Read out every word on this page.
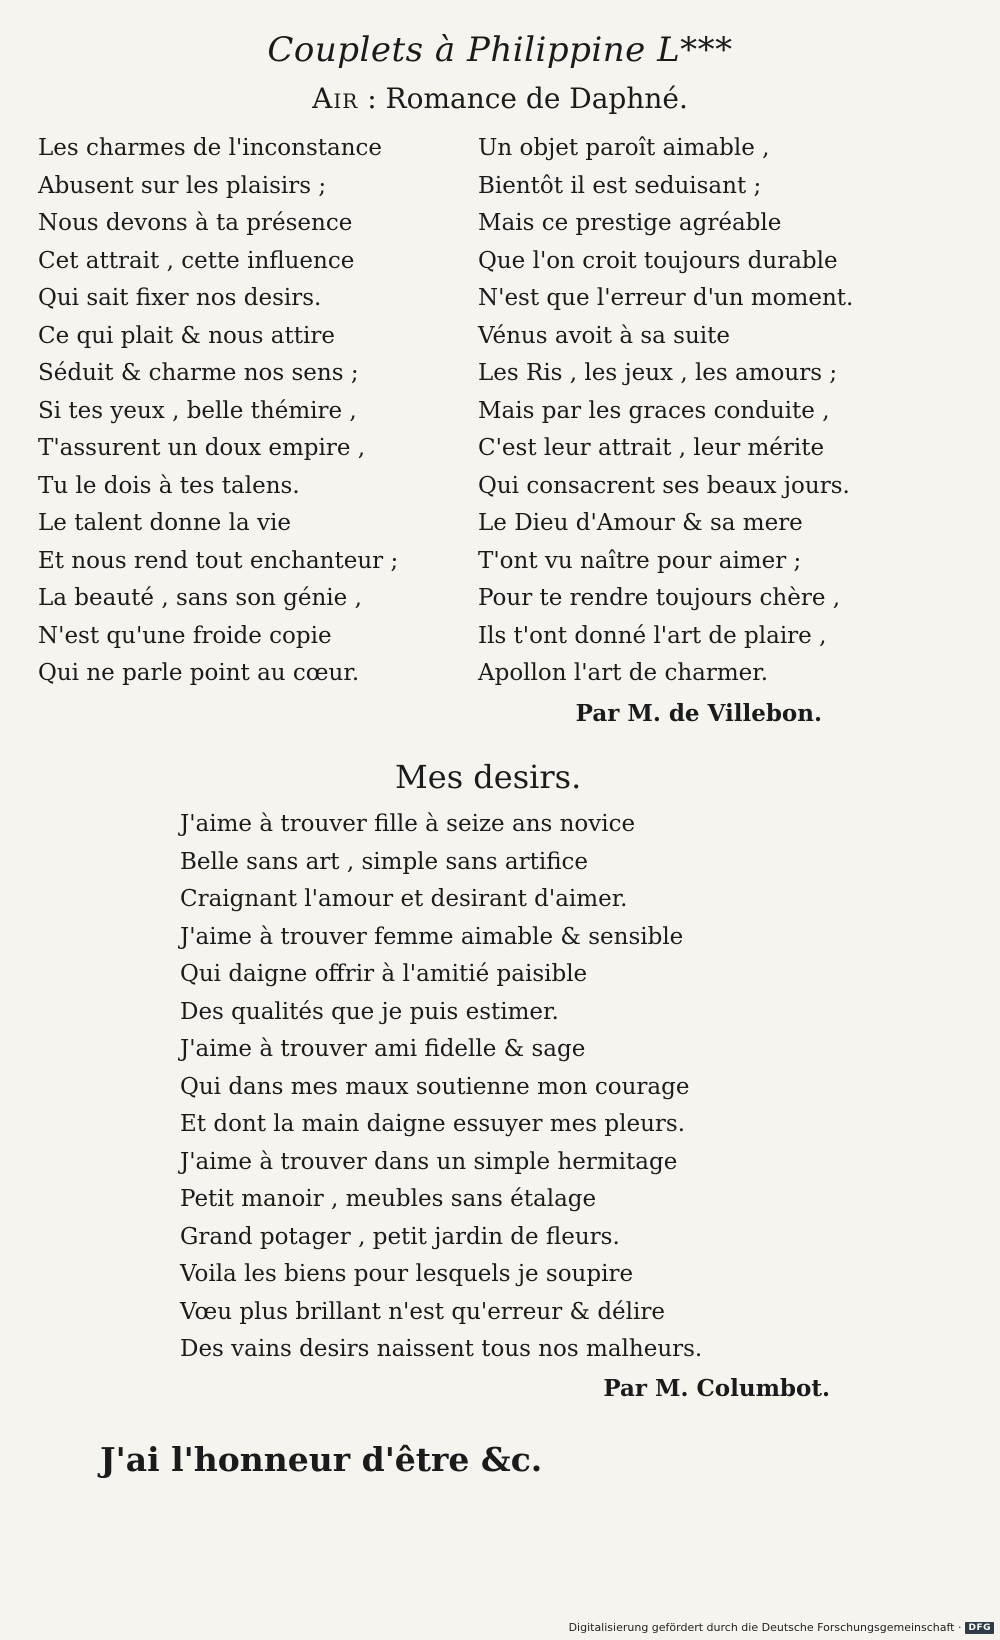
Couplets à Philippine L***
Air : Romance de Daphné.
Les charmes de l'inconstance
Abusent sur les plaisirs ;
Nous devons à ta présence
Cet attrait , cette influence
Qui sait fixer nos desirs.
Ce qui plait & nous attire
Séduit & charme nos sens ;
Si tes yeux , belle thémire ,
T'assurent un doux empire ,
Tu le dois à tes talens.
Le talent donne la vie
Et nous rend tout enchanteur ;
La beauté , sans son génie ,
N'est qu'une froide copie
Qui ne parle point au cœur.
Un objet paroît aimable ,
Bientôt il est seduisant ;
Mais ce prestige agréable
Que l'on croit toujours durable
N'est que l'erreur d'un moment.
Vénus avoit à sa suite
Les Ris , les jeux , les amours ;
Mais par les graces conduite ,
C'est leur attrait , leur mérite
Qui consacrent ses beaux jours.
Le Dieu d'Amour & sa mere
T'ont vu naître pour aimer ;
Pour te rendre toujours chère ,
Ils t'ont donné l'art de plaire ,
Apollon l'art de charmer.
Par M. de Villebon.
Mes desirs.
J'aime à trouver fille à seize ans novice
Belle sans art , simple sans artifice
Craignant l'amour et desirant d'aimer.
J'aime à trouver femme aimable & sensible
Qui daigne offrir à l'amitié paisible
Des qualités que je puis estimer.
J'aime à trouver ami fidelle & sage
Qui dans mes maux soutienne mon courage
Et dont la main daigne essuyer mes pleurs.
J'aime à trouver dans un simple hermitage
Petit manoir , meubles sans étalage
Grand potager , petit jardin de fleurs.
Voila les biens pour lesquels je soupire
Vœu plus brillant n'est qu'erreur & délire
Des vains desirs naissent tous nos malheurs.
Par M. Columbot.
J'ai l'honneur d'être &c.
Digitalisierung gefördert durch die Deutsche Forschungsgemeinschaft · DFG
